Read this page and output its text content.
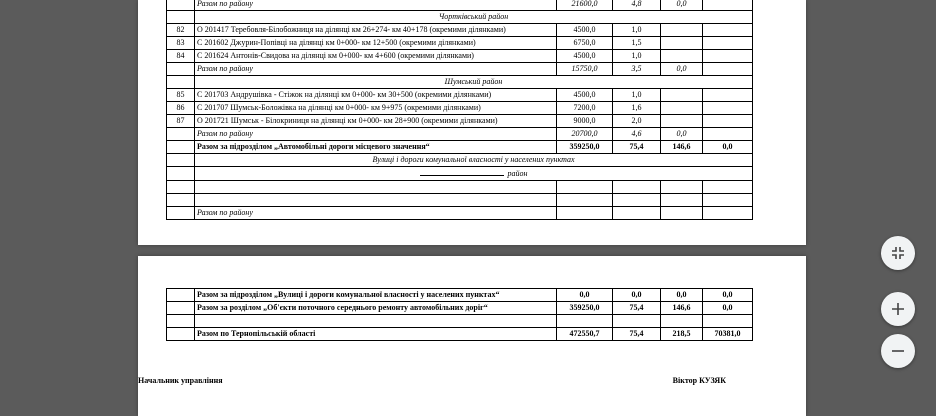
	Разом по району	21600,0	4,8	0,0	
	Чортківський район				
82	О 201417 Теребовля-Білобожниця на ділянці км 26+274- км 40+178 (окремими ділянками)	4500,0	1,0		
83	С 201602 Джурин-Попівці на ділянці км 0+000- км 12+500 (окремими ділянками)	6750,0	1,5		
84	С 201624 Антонів-Свидова на ділянці км 0+000- км 4+600 (окремими ділянками)	4500,0	1,0		
	Разом по району	15750,0	3,5	0,0	
	Шумський район				
85	С 201703 Андрушівка - Стіжок на ділянці км 0+000- км 30+500 (окремими ділянками)	4500,0	1,0		
86	С 201707 Шумськ-Боложівка на ділянці км 0+000- км 9+975 (окремими ділянками)	7200,0	1,6		
87	О 201721 Шумськ - Білокриниця на ділянці км 0+000- км 28+900 (окремими ділянками)	9000,0	2,0		
	Разом по району	20700,0	4,6	0,0	
	Разом за підрозділом „Автомобільні дороги місцевого значення“	359250,0	75,4	146,6	0,0
	Вулиці і дороги комунальної власності у населених пунктах				
	район				

	Разом по району				
	Разом за підрозділом „Вулиці і дороги комунальної власності у населених пунктах“	0,0	0,0	0,0	0,0
	Разом за розділом „Об'єкти поточного середнього ремонту автомобільних доріг“	359250,0	75,4	146,6	0,0

	Разом по Тернопільській області	472550,7	75,4	218,5	70381,0
Начальник управління	Віктор КУЗЯК
